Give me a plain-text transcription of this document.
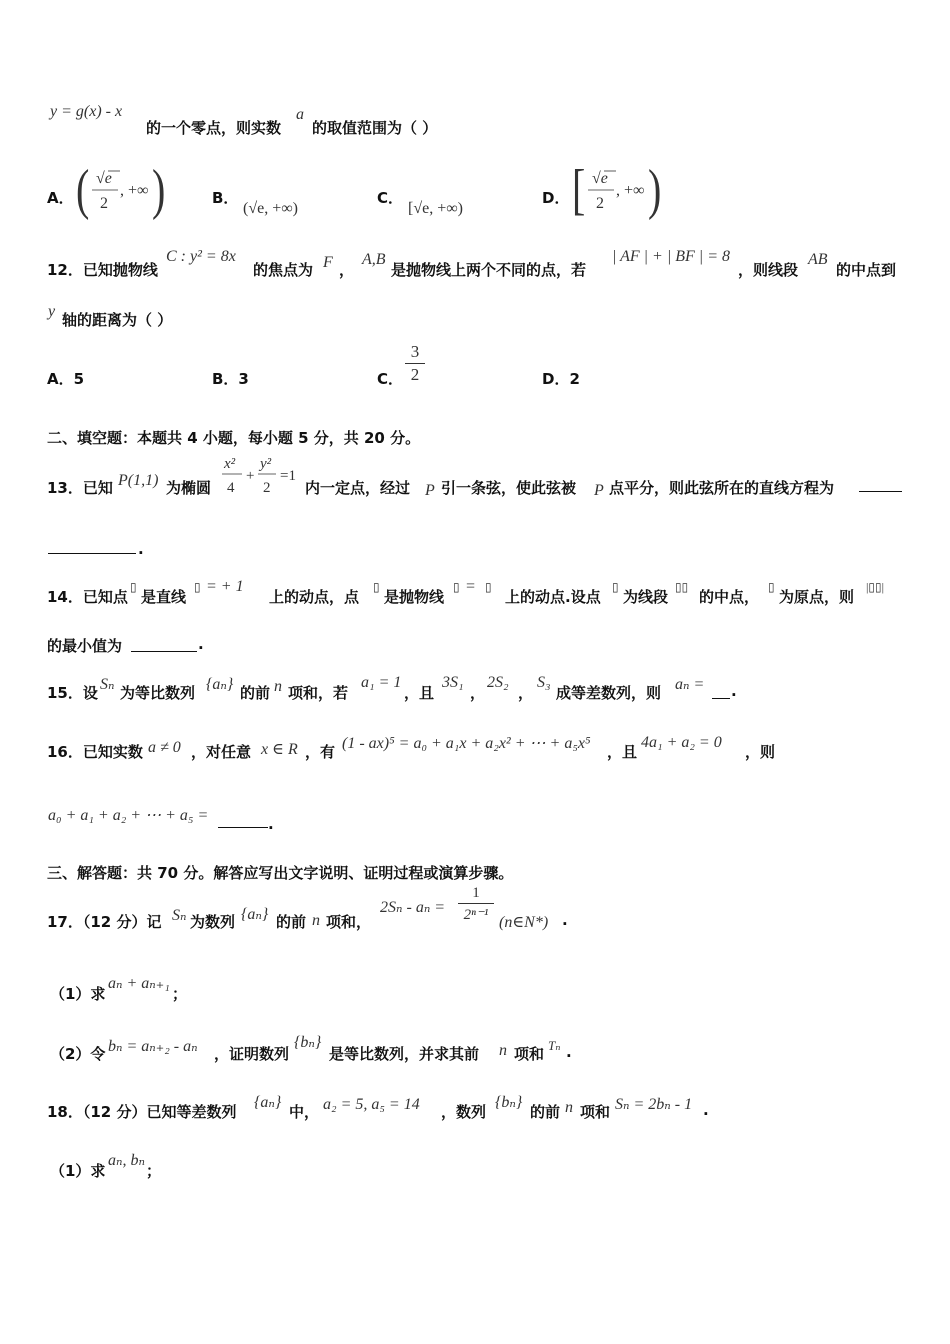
y = g(x) - x
的一个零点，则实数
a
的取值范围为（ ）
A． ( √e
2
, +∞ )	B．
(√e, +∞)
C．
[√e, +∞)
D． [ √e
2
, +∞ )
12．已知抛物线
C : y² = 8x
的焦点为 F ，
A,B
是抛物线上两个不同的点，若
| AF | + | BF | = 8
，则线段
AB
的中点到
y 轴的距离为（ ）
A．5	B．3	C．
3
2	D．2
二、填空题：本题共 4 小题，每小题 5 分，共 20 分。
13．已知 P(1,1) 为椭圆
x²
4
+
y²
2
=1
内一定点，经过 P 引一条弦，使此弦被 P 点平分，则此弦所在的直线方程为
.
14．已知点
▯
是直线
▯ = + 1
上的动点，点
▯
是抛物线
▯ = ▯
上的动点.设点
▯
为线段
▯▯
的中点，
▯
为原点，则
|▯▯|
的最小值为	.
15．设 Sₙ 为等比数列 {aₙ} 的前 n 项和，若
a₁ = 1
，且
3S₁
，
2S₂
，
S₃
成等差数列，则 aₙ = .
16．已知实数 a ≠ 0 ，对任意 x ∈ R ，有 (1 - ax)⁵ = a₀ + a₁x + a₂x² + ⋯ + a₅x⁵ ，且
4a₁ + a₂ = 0
，则
a₀ + a₁ + a₂ + ⋯ + a₅ =	.
三、解答题：共 70 分。解答应写出文字说明、证明过程或演算步骤。
17．（12 分）记 Sₙ 为数列 {aₙ} 的前 n 项和，
2Sₙ - aₙ =
1
2ⁿ⁻¹ (n∈N*) .
（1）求
aₙ + aₙ₊₁
；
（2）令 bₙ = aₙ₊₂ - aₙ ，证明数列
{bₙ}
是等比数列，并求其前 n 项和 Tₙ .
18．（12 分）已知等差数列
{aₙ}
中， a₂ = 5, a₅ = 14 ，数列
{bₙ}
的前 n 项和 Sₙ = 2bₙ - 1 .
（1）求
aₙ, bₙ
；
